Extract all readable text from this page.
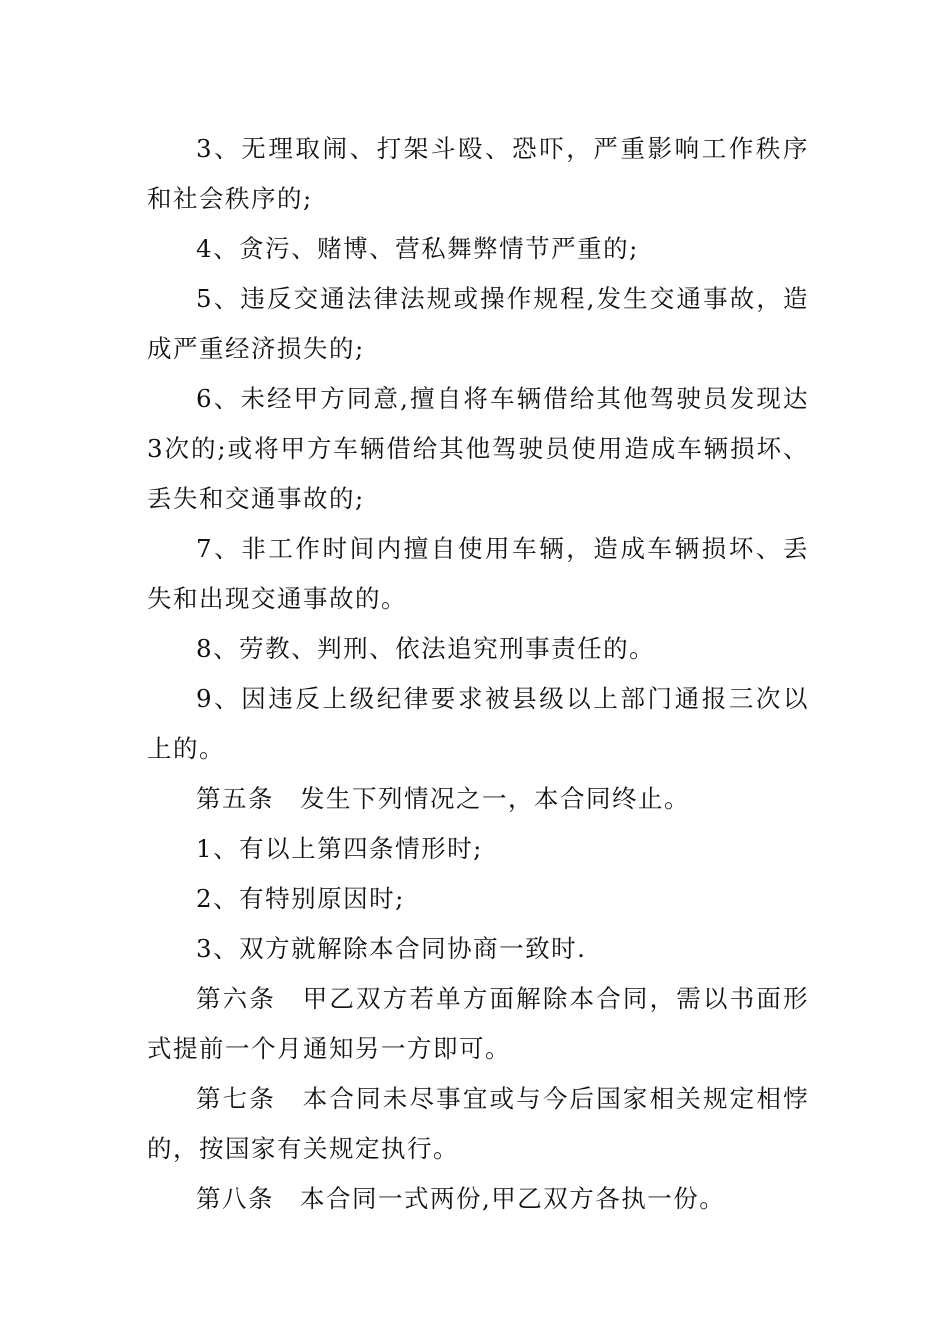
3、无理取闹、打架斗殴、恐吓，严重影响工作秩序和社会秩序的;

4、贪污、赌博、营私舞弊情节严重的;

5、违反交通法律法规或操作规程,发生交通事故，造成严重经济损失的;

6、未经甲方同意,擅自将车辆借给其他驾驶员发现达3次的;或将甲方车辆借给其他驾驶员使用造成车辆损坏、丢失和交通事故的;

7、非工作时间内擅自使用车辆，造成车辆损坏、丢失和出现交通事故的。

8、劳教、判刑、依法追究刑事责任的。

9、因违反上级纪律要求被县级以上部门通报三次以上的。

第五条　发生下列情况之一，本合同终止。

1、有以上第四条情形时;

2、有特别原因时;

3、双方就解除本合同协商一致时.

第六条　甲乙双方若单方面解除本合同，需以书面形式提前一个月通知另一方即可。

第七条　本合同未尽事宜或与今后国家相关规定相悖的，按国家有关规定执行。

第八条　本合同一式两份,甲乙双方各执一份。
